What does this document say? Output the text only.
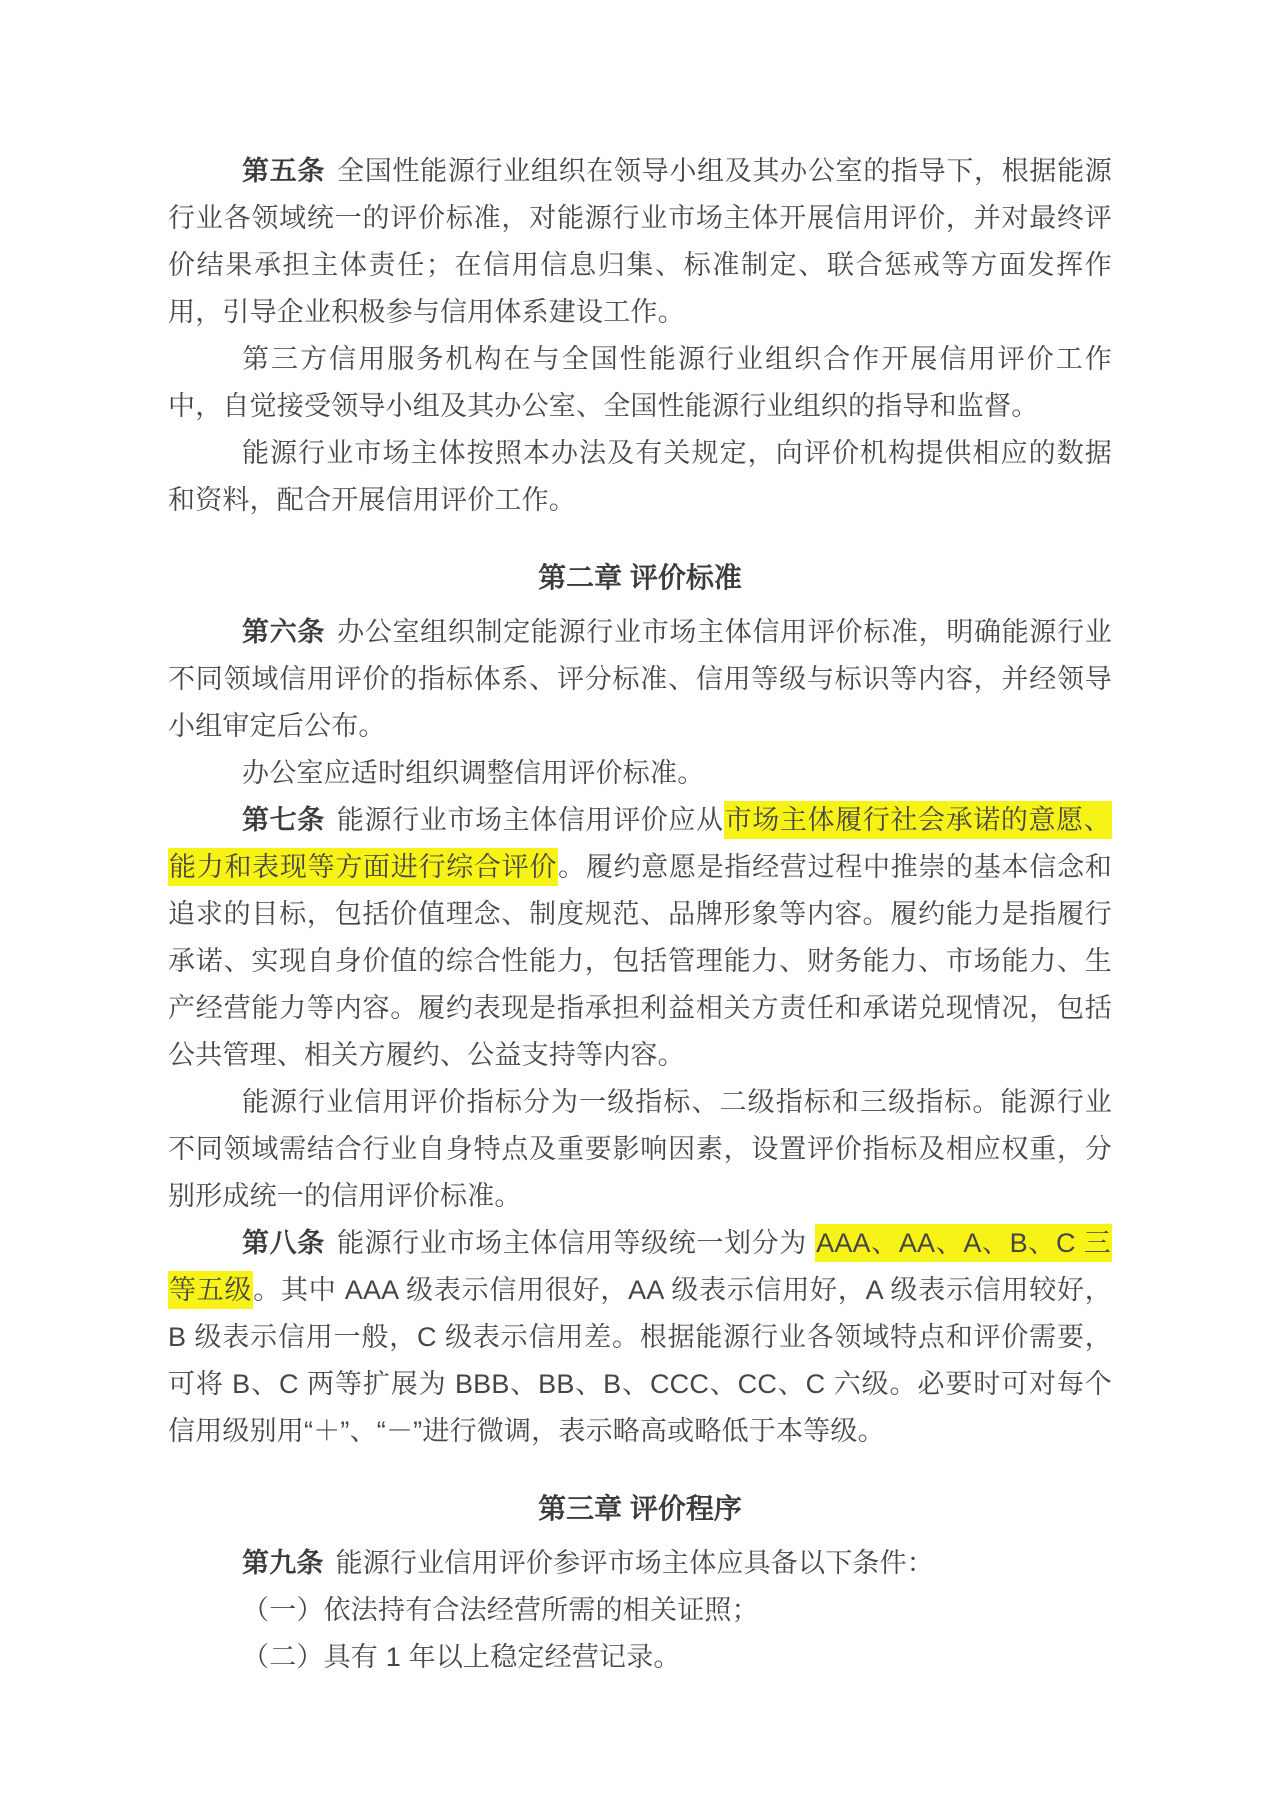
第五条 全国性能源行业组织在领导小组及其办公室的指导下，根据能源行业各领域统一的评价标准，对能源行业市场主体开展信用评价，并对最终评价结果承担主体责任；在信用信息归集、标准制定、联合惩戒等方面发挥作用，引导企业积极参与信用体系建设工作。

第三方信用服务机构在与全国性能源行业组织合作开展信用评价工作中，自觉接受领导小组及其办公室、全国性能源行业组织的指导和监督。

能源行业市场主体按照本办法及有关规定，向评价机构提供相应的数据和资料，配合开展信用评价工作。

第二章 评价标准

第六条 办公室组织制定能源行业市场主体信用评价标准，明确能源行业不同领域信用评价的指标体系、评分标准、信用等级与标识等内容，并经领导小组审定后公布。

办公室应适时组织调整信用评价标准。

第七条 能源行业市场主体信用评价应从市场主体履行社会承诺的意愿、能力和表现等方面进行综合评价。履约意愿是指经营过程中推崇的基本信念和追求的目标，包括价值理念、制度规范、品牌形象等内容。履约能力是指履行承诺、实现自身价值的综合性能力，包括管理能力、财务能力、市场能力、生产经营能力等内容。履约表现是指承担利益相关方责任和承诺兑现情况，包括公共管理、相关方履约、公益支持等内容。

能源行业信用评价指标分为一级指标、二级指标和三级指标。能源行业不同领域需结合行业自身特点及重要影响因素，设置评价指标及相应权重，分别形成统一的信用评价标准。

第八条 能源行业市场主体信用等级统一划分为 AAA、AA、A、B、C 三等五级。其中 AAA 级表示信用很好，AA 级表示信用好，A 级表示信用较好，B 级表示信用一般，C 级表示信用差。根据能源行业各领域特点和评价需要，可将 B、C 两等扩展为 BBB、BB、B、CCC、CC、C 六级。必要时可对每个信用级别用“＋”、“－”进行微调，表示略高或略低于本等级。

第三章 评价程序

第九条 能源行业信用评价参评市场主体应具备以下条件：

（一）依法持有合法经营所需的相关证照；

（二）具有 1 年以上稳定经营记录。
